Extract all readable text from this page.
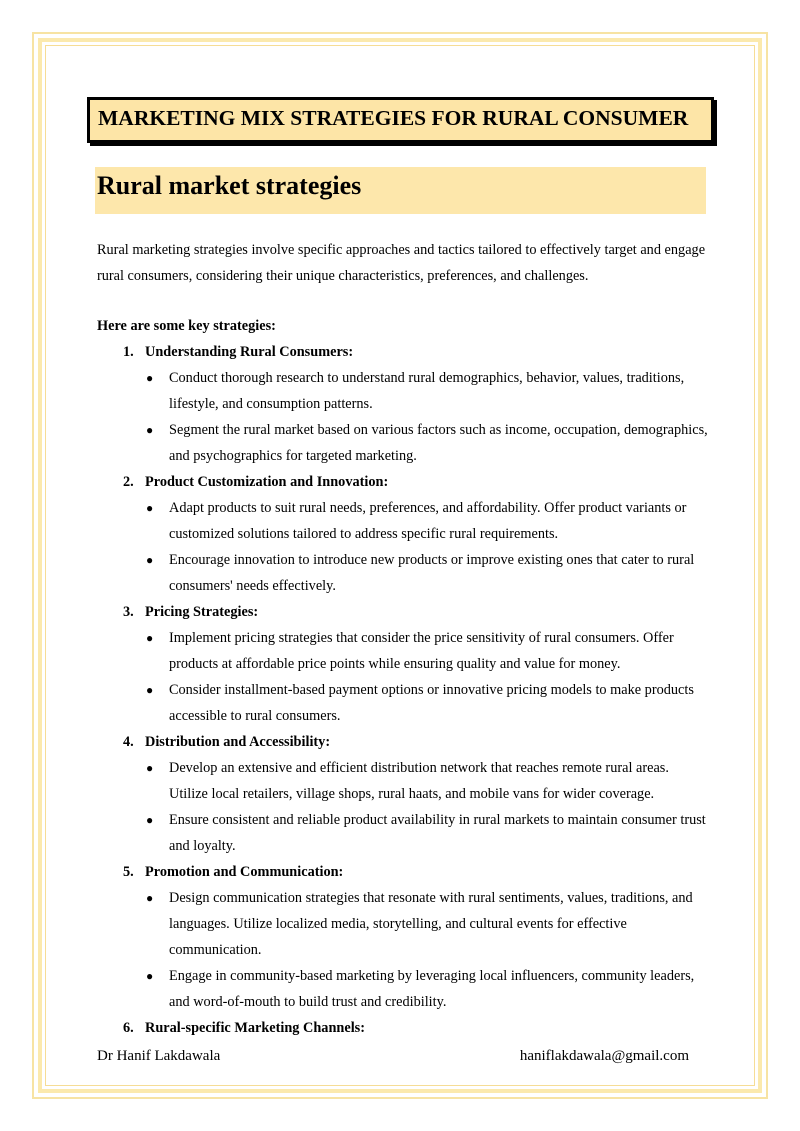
MARKETING MIX STRATEGIES FOR RURAL CONSUMER
Rural market strategies
Rural marketing strategies involve specific approaches and tactics tailored to effectively target and engage rural consumers, considering their unique characteristics, preferences, and challenges.
Here are some key strategies:
1. Understanding Rural Consumers:
●	Conduct thorough research to understand rural demographics, behavior, values, traditions, lifestyle, and consumption patterns.
●	Segment the rural market based on various factors such as income, occupation, demographics, and psychographics for targeted marketing.
2. Product Customization and Innovation:
●	Adapt products to suit rural needs, preferences, and affordability. Offer product variants or customized solutions tailored to address specific rural requirements.
●	Encourage innovation to introduce new products or improve existing ones that cater to rural consumers' needs effectively.
3. Pricing Strategies:
●	Implement pricing strategies that consider the price sensitivity of rural consumers. Offer products at affordable price points while ensuring quality and value for money.
●	Consider installment-based payment options or innovative pricing models to make products accessible to rural consumers.
4. Distribution and Accessibility:
●	Develop an extensive and efficient distribution network that reaches remote rural areas. Utilize local retailers, village shops, rural haats, and mobile vans for wider coverage.
●	Ensure consistent and reliable product availability in rural markets to maintain consumer trust and loyalty.
5. Promotion and Communication:
●	Design communication strategies that resonate with rural sentiments, values, traditions, and languages. Utilize localized media, storytelling, and cultural events for effective communication.
●	Engage in community-based marketing by leveraging local influencers, community leaders, and word-of-mouth to build trust and credibility.
6. Rural-specific Marketing Channels:
Dr Hanif Lakdawala	haniflakdawala@gmail.com
